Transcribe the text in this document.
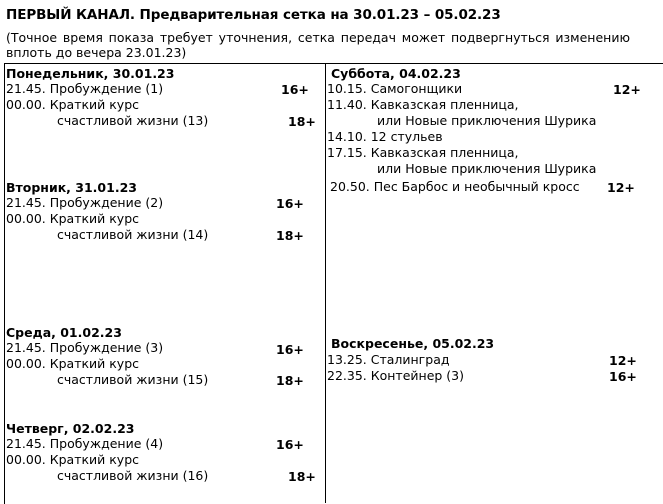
ПЕРВЫЙ КАНАЛ. Предварительная сетка на 30.01.23 – 05.02.23
(Точное время показа требует уточнения, сетка передач может подвергнуться изменению вплоть до вечера 23.01.23)
Понедельник, 30.01.23
21.45. Пробуждение (1)	16+
00.00. Краткий курс
счастливой жизни (13)	18+
Вторник, 31.01.23
21.45. Пробуждение (2)	16+
00.00. Краткий курс
счастливой жизни (14)	18+
Среда, 01.02.23
21.45. Пробуждение (3)	16+
00.00. Краткий курс
счастливой жизни (15)	18+
Четверг, 02.02.23
21.45. Пробуждение (4)	16+
00.00. Краткий курс
счастливой жизни (16)	18+
Суббота, 04.02.23
10.15. Самогонщики	12+
11.40. Кавказская пленница,
или Новые приключения Шурика
14.10. 12 стульев
17.15. Кавказская пленница,
или Новые приключения Шурика
20.50. Пес Барбос и необычный кросс 12+
Воскресенье, 05.02.23
13.25. Сталинград	12+
22.35. Контейнер (3)	16+
